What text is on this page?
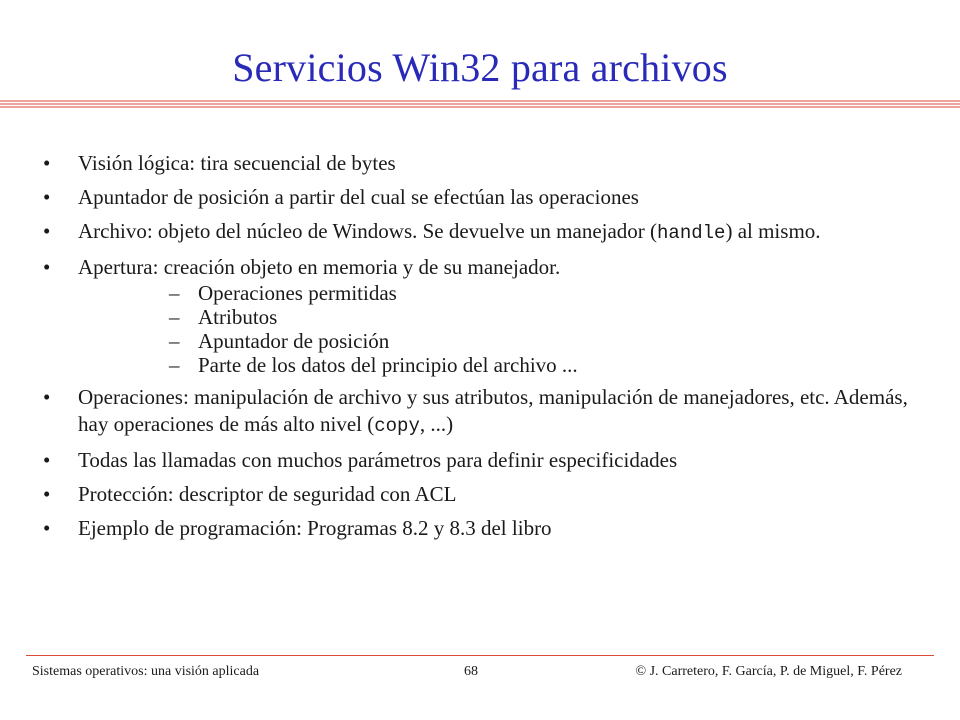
Servicios Win32 para archivos
• Visión lógica: tira secuencial de bytes
• Apuntador de posición a partir del cual se efectúan las operaciones
• Archivo: objeto del núcleo de Windows. Se devuelve un manejador (handle) al mismo.
• Apertura: creación objeto en memoria y de su manejador.
– Operaciones permitidas
– Atributos
– Apuntador de posición
– Parte de los datos del principio del archivo ...
• Operaciones: manipulación de archivo y sus atributos, manipulación de manejadores, etc. Además, hay operaciones de más alto nivel (copy, ...)
• Todas las llamadas con muchos parámetros para definir especificidades
• Protección: descriptor de seguridad con ACL
• Ejemplo de programación: Programas 8.2 y 8.3 del libro
Sistemas operativos: una visión aplicada	68	© J. Carretero, F. García, P. de Miguel, F. Pérez
